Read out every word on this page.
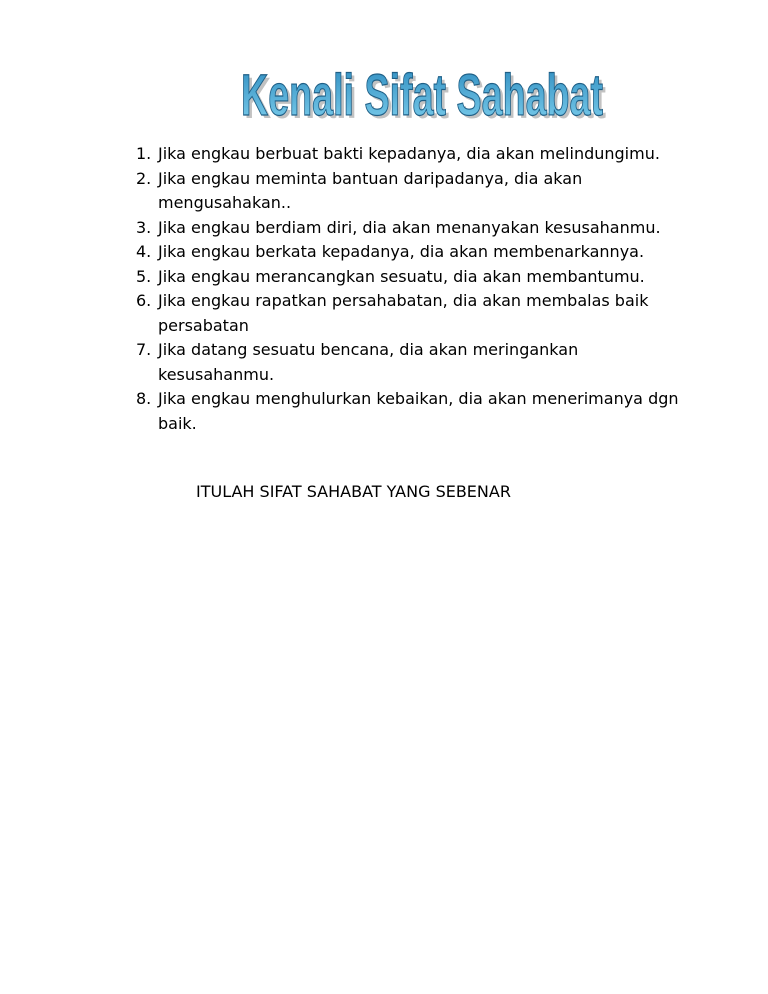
Kenali Sifat Sahabat
Kenali Sifat Sahabat
1. Jika engkau berbuat bakti kepadanya, dia akan melindungimu.
2. Jika engkau meminta bantuan daripadanya, dia akan mengusahakan..
3. Jika engkau berdiam diri, dia akan menanyakan kesusahanmu.
4. Jika engkau berkata kepadanya, dia akan membenarkannya.
5. Jika engkau merancangkan sesuatu, dia akan membantumu.
6. Jika engkau rapatkan persahabatan, dia akan membalas baik persabatan
7. Jika datang sesuatu bencana, dia akan meringankan kesusahanmu.
8. Jika engkau menghulurkan kebaikan, dia akan menerimanya dgn baik.
ITULAH SIFAT SAHABAT YANG SEBENAR
